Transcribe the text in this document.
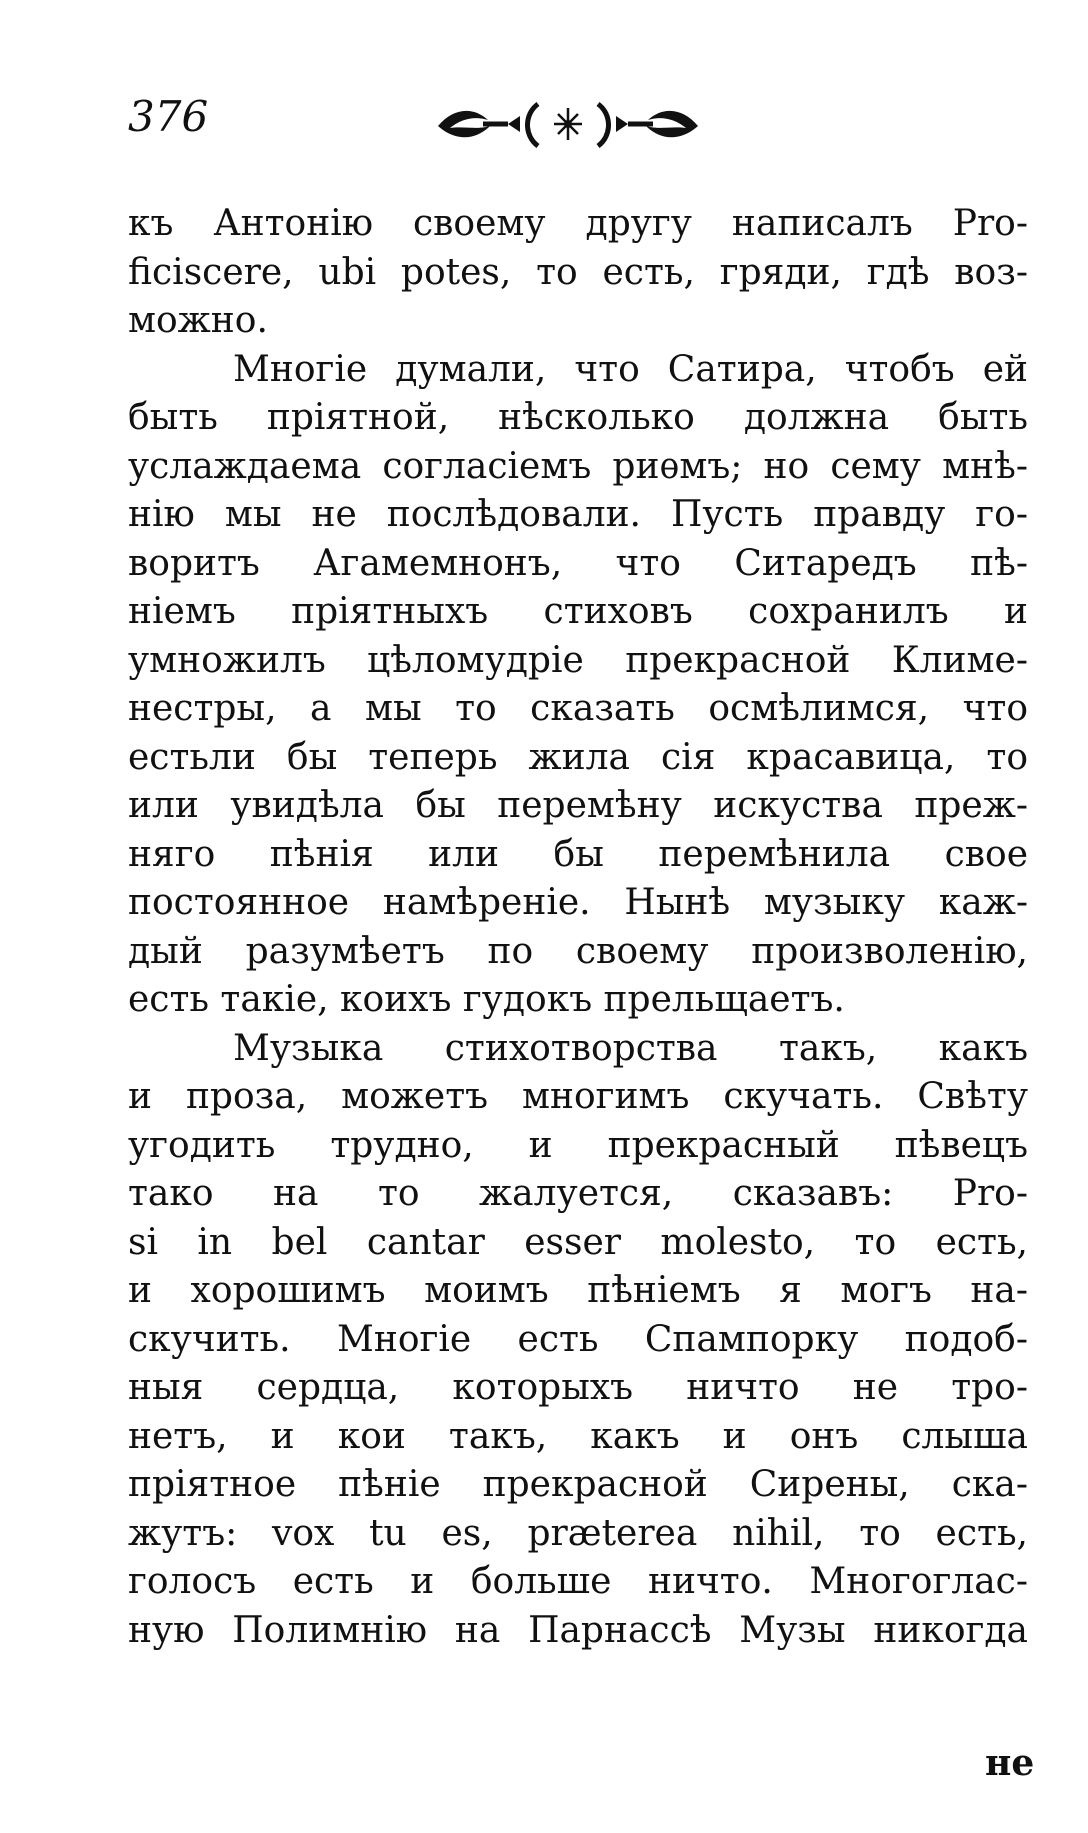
376
къ Антонію своему другу написалъ Pro-
ficiscere, ubi potes, то есть, гряди, гдѣ воз-
можно.
Многіе думали, что Сатира, чтобъ ей
быть пріятной, нѣсколько должна быть
услаждаема согласіемъ риѳмъ; но сему мнѣ-
нію мы не послѣдовали. Пусть правду го-
воритъ Агамемнонъ, что Ситаредъ пѣ-
ніемъ пріятныхъ стиховъ сохранилъ и
умножилъ цѣломудріе прекрасной Климе-
нестры, а мы то сказать осмѣлимся, что
естьли бы теперь жила сія красавица, то
или увидѣла бы перемѣну искуства преж-
няго пѣнія или бы перемѣнила свое
постоянное намѣреніе. Нынѣ музыку каж-
дый разумѣетъ по своему произволенію,
есть такіе, коихъ гудокъ прельщаетъ.
Музыка стихотворства такъ, какъ
и проза, можетъ многимъ скучать. Свѣту
угодить трудно, и прекрасный пѣвецъ
тако на то жалуется, сказавъ: Pro-
si in bel cantar esser molesto, то есть,
и хорошимъ моимъ пѣніемъ я могъ на-
скучить. Многіе есть Спампорку подоб-
ныя сердца, которыхъ ничто не тро-
нетъ, и кои такъ, какъ и онъ слыша
пріятное пѣніе прекрасной Сирены, ска-
жутъ: vox tu es, præterea nihil, то есть,
голосъ есть и больше ничто. Многоглас-
ную Полимнію на Парнассѣ Музы никогда
не
